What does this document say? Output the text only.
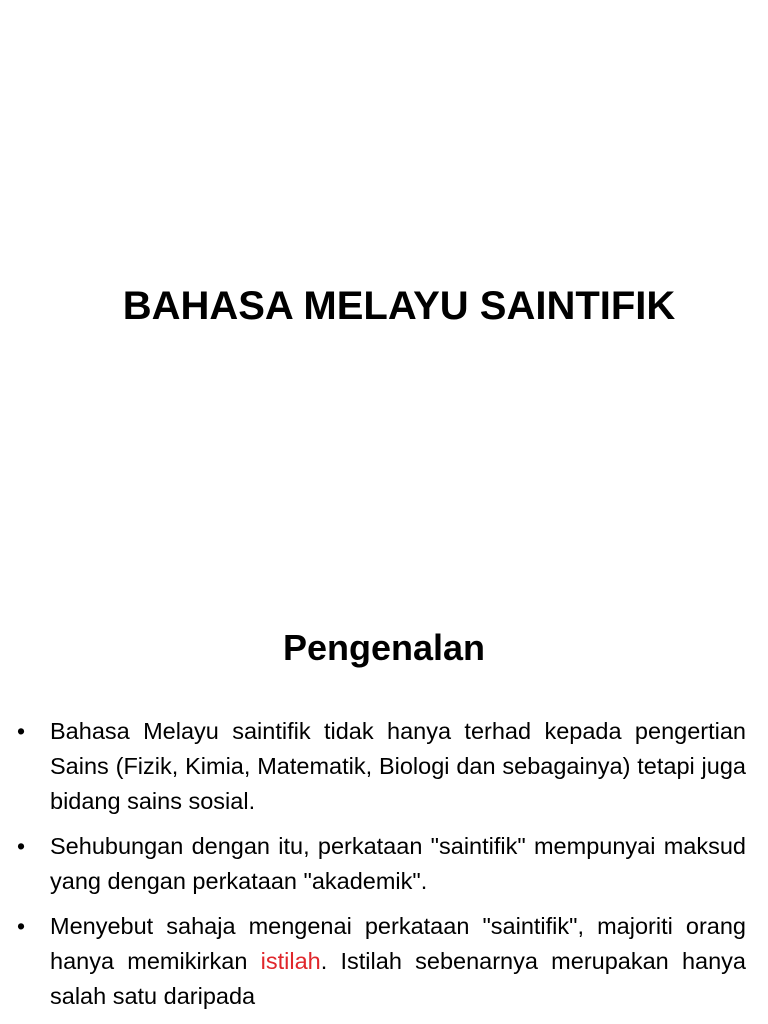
BAHASA MELAYU SAINTIFIK
Pengenalan
• Bahasa Melayu saintifik tidak hanya terhad kepada pengertian Sains (Fizik, Kimia, Matematik, Biologi dan sebagainya) tetapi juga bidang sains sosial.
• Sehubungan dengan itu, perkataan "saintifik" mempunyai maksud yang dengan perkataan "akademik".
• Menyebut sahaja mengenai perkataan "saintifik", majoriti orang hanya memikirkan istilah. Istilah sebenarnya merupakan hanya salah satu daripada
